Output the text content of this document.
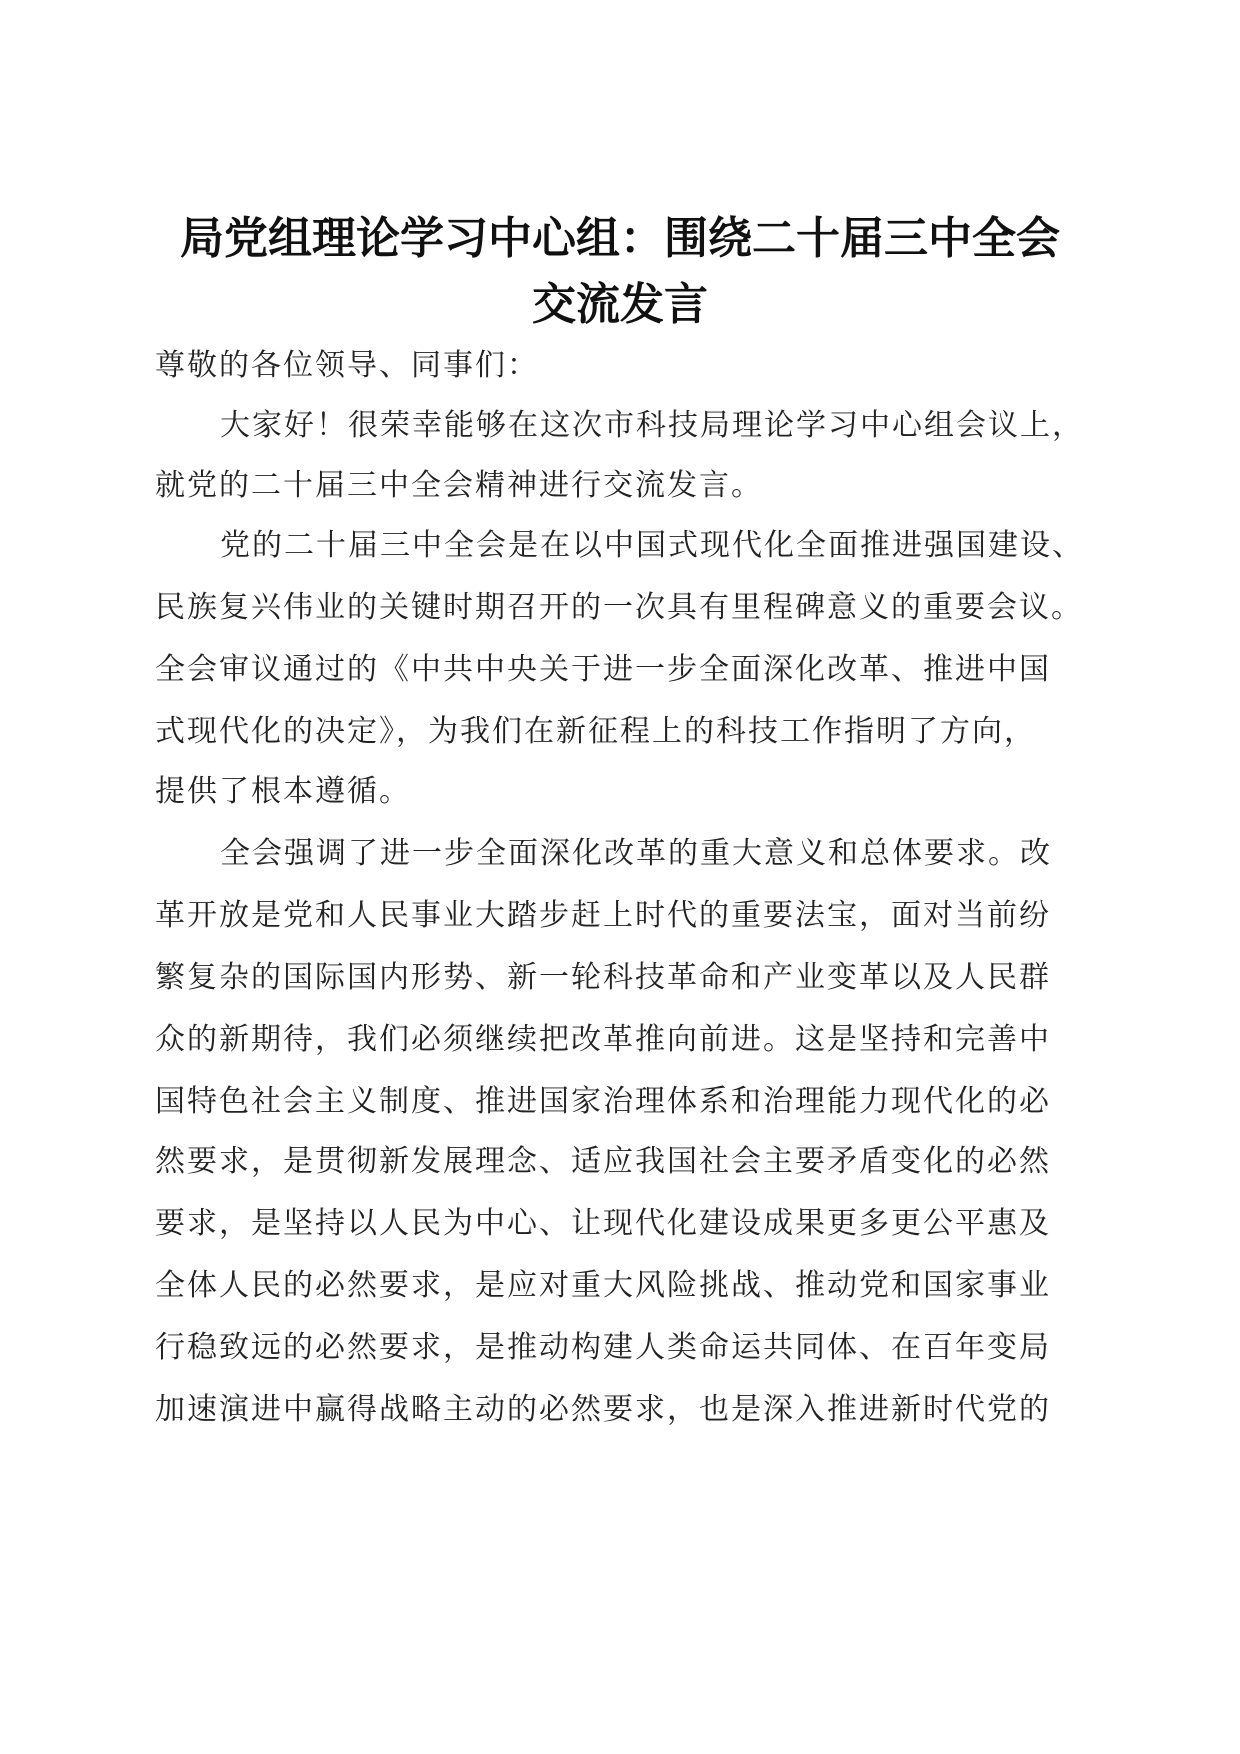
局党组理论学习中心组：围绕二十届三中全会
交流发言
尊敬的各位领导、同事们：
大家好！很荣幸能够在这次市科技局理论学习中心组会议上，
就党的二十届三中全会精神进行交流发言。
党的二十届三中全会是在以中国式现代化全面推进强国建设、
民族复兴伟业的关键时期召开的一次具有里程碑意义的重要会议。
全会审议通过的《中共中央关于进一步全面深化改革、推进中国
式现代化的决定》，为我们在新征程上的科技工作指明了方向，
提供了根本遵循。
全会强调了进一步全面深化改革的重大意义和总体要求。改
革开放是党和人民事业大踏步赶上时代的重要法宝，面对当前纷
繁复杂的国际国内形势、新一轮科技革命和产业变革以及人民群
众的新期待，我们必须继续把改革推向前进。这是坚持和完善中
国特色社会主义制度、推进国家治理体系和治理能力现代化的必
然要求，是贯彻新发展理念、适应我国社会主要矛盾变化的必然
要求，是坚持以人民为中心、让现代化建设成果更多更公平惠及
全体人民的必然要求，是应对重大风险挑战、推动党和国家事业
行稳致远的必然要求，是推动构建人类命运共同体、在百年变局
加速演进中赢得战略主动的必然要求，也是深入推进新时代党的
